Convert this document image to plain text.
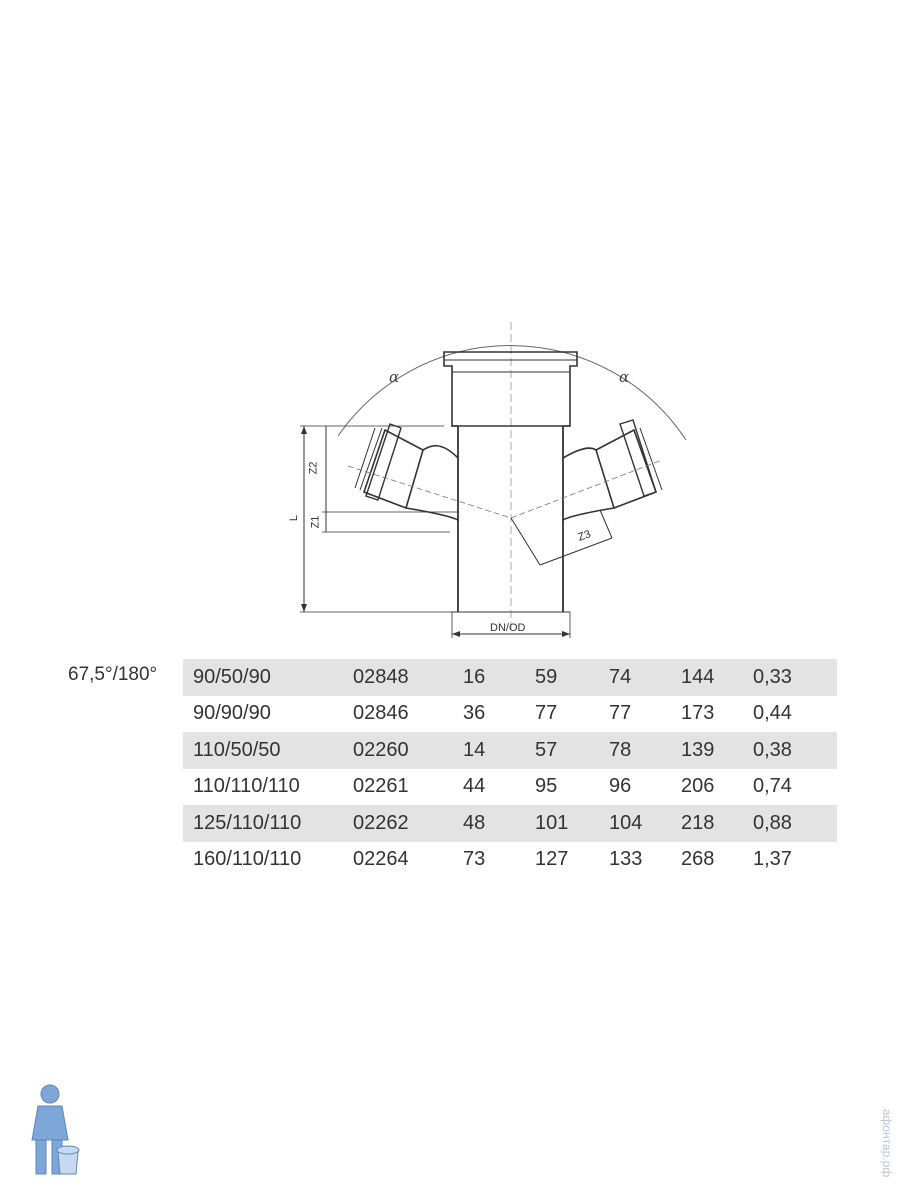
α	α
Z2
Z1
L
Z3
DN/OD
67,5°/180° 90/50/90	02848	16	59	74	144	0,33
90/90/90	02846	36	77	77	173	0,44
110/50/50	02260	14	57	78	139	0,38
110/110/110	02261	44	95	96	206	0,74
125/110/110	02262	48	101	104	218	0,88
160/110/110	02264	73	127	133	268	1,37
афонтар.рф
